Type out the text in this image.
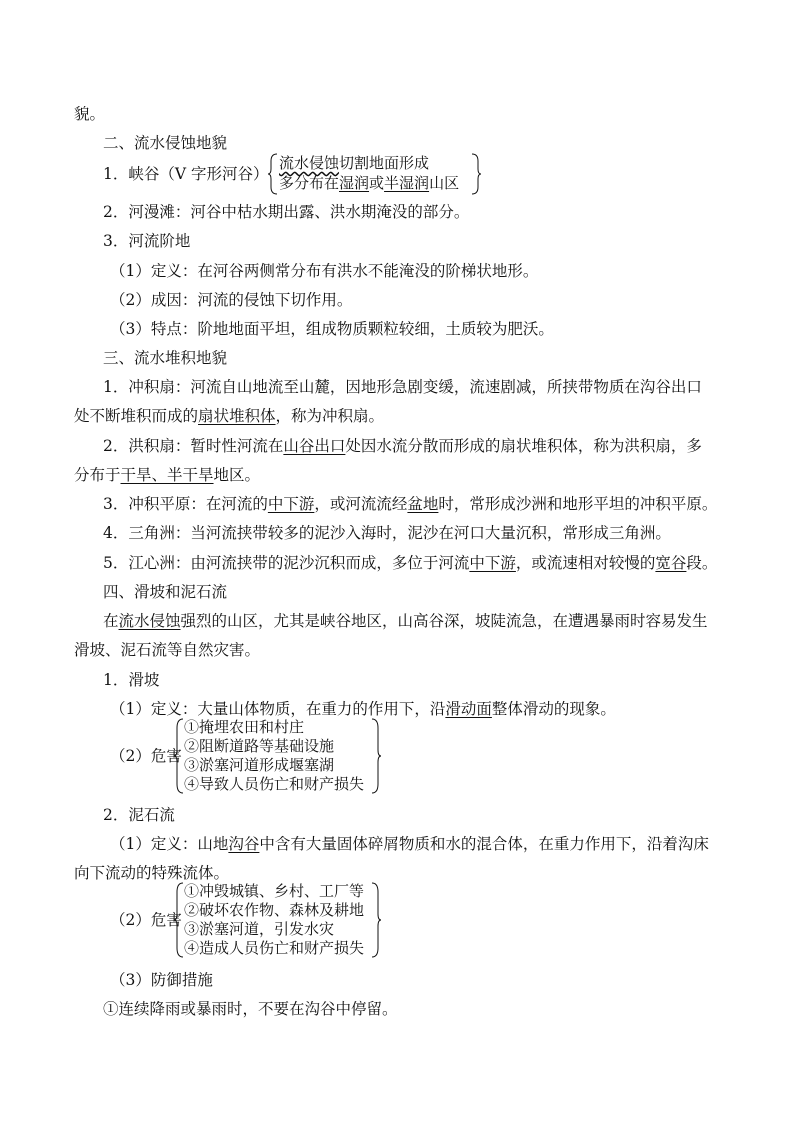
貌。
二、流水侵蚀地貌
1．峡谷（V 字形河谷）
流水侵蚀切割地面形成
多分布在湿润或半湿润山区
2．河漫滩：河谷中枯水期出露、洪水期淹没的部分。
3．河流阶地
（1）定义：在河谷两侧常分布有洪水不能淹没的阶梯状地形。
（2）成因：河流的侵蚀下切作用。
（3）特点：阶地地面平坦，组成物质颗粒较细，土质较为肥沃。
三、流水堆积地貌
1．冲积扇：河流自山地流至山麓，因地形急剧变缓，流速剧减，所挟带物质在沟谷出口
处不断堆积而成的扇状堆积体，称为冲积扇。
2．洪积扇：暂时性河流在山谷出口处因水流分散而形成的扇状堆积体，称为洪积扇，多
分布于干旱、半干旱地区。
3．冲积平原：在河流的中下游，或河流流经盆地时，常形成沙洲和地形平坦的冲积平原。
4．三角洲：当河流挟带较多的泥沙入海时，泥沙在河口大量沉积，常形成三角洲。
5．江心洲：由河流挟带的泥沙沉积而成，多位于河流中下游，或流速相对较慢的宽谷段。
四、滑坡和泥石流
在流水侵蚀强烈的山区，尤其是峡谷地区，山高谷深，坡陡流急，在遭遇暴雨时容易发生
滑坡、泥石流等自然灾害。
1．滑坡
（1）定义：大量山体物质，在重力的作用下，沿滑动面整体滑动的现象。
（2）危害
①掩埋农田和村庄
②阻断道路等基础设施
③淤塞河道形成堰塞湖
④导致人员伤亡和财产损失
2．泥石流
（1）定义：山地沟谷中含有大量固体碎屑物质和水的混合体，在重力作用下，沿着沟床
向下流动的特殊流体。
（2）危害
①冲毁城镇、乡村、工厂等
②破坏农作物、森林及耕地
③淤塞河道，引发水灾
④造成人员伤亡和财产损失
（3）防御措施
①连续降雨或暴雨时，不要在沟谷中停留。
